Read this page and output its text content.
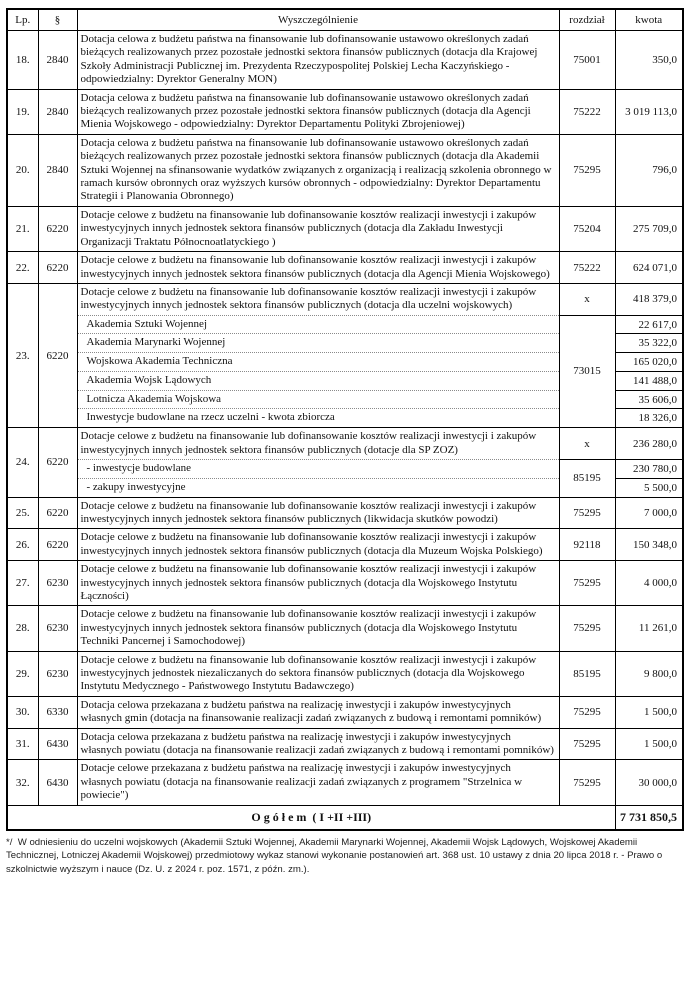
Lp.	§	Wyszczególnienie	rozdział	kwota
18.	2840	Dotacja celowa z budżetu państwa na finansowanie lub dofinansowanie ustawowo określonych zadań bieżących realizowanych przez pozostałe jednostki sektora finansów publicznych (dotacja dla Krajowej Szkoły Administracji Publicznej im. Prezydenta Rzeczypospolitej Polskiej Lecha Kaczyńskiego - odpowiedzialny: Dyrektor Generalny MON)	75001	350,0
19.	2840	Dotacja celowa z budżetu państwa na finansowanie lub dofinansowanie ustawowo określonych zadań bieżących realizowanych przez pozostałe jednostki sektora finansów publicznych (dotacja dla Agencji Mienia Wojskowego - odpowiedzialny: Dyrektor Departamentu Polityki Zbrojeniowej)	75222	3 019 113,0
20.	2840	Dotacja celowa z budżetu państwa na finansowanie lub dofinansowanie ustawowo określonych zadań bieżących realizowanych przez pozostałe jednostki sektora finansów publicznych (dotacja dla Akademii Sztuki Wojennej na sfinansowanie wydatków związanych z organizacją i realizacją szkolenia obronnego w ramach kursów obronnych oraz wyższych kursów obronnych - odpowiedzialny: Dyrektor Departamentu Strategii i Planowania Obronnego)	75295	796,0
21.	6220	Dotacje celowe z budżetu na finansowanie lub dofinansowanie kosztów realizacji inwestycji i zakupów inwestycyjnych innych jednostek sektora finansów publicznych (dotacja dla Zakładu Inwestycji Organizacji Traktatu Północnoatlatyckiego )	75204	275 709,0
22.	6220	Dotacje celowe z budżetu na finansowanie lub dofinansowanie kosztów realizacji inwestycji i zakupów inwestycyjnych innych jednostek sektora finansów publicznych (dotacja dla Agencji Mienia Wojskowego)	75222	624 071,0
23.	6220	Dotacje celowe z budżetu na finansowanie lub dofinansowanie kosztów realizacji inwestycji i zakupów inwestycyjnych innych jednostek sektora finansów publicznych (dotacja dla uczelni wojskowych)	x	418 379,0
		Akademia Sztuki Wojennej	73015	22 617,0
		Akademia Marynarki Wojennej		35 322,0
		Wojskowa Akademia Techniczna		165 020,0
		Akademia Wojsk Lądowych		141 488,0
		Lotnicza Akademia Wojskowa		35 606,0
		Inwestycje budowlane na rzecz uczelni - kwota zbiorcza		18 326,0
24.	6220	Dotacje celowe z budżetu na finansowanie lub dofinansowanie kosztów realizacji inwestycji i zakupów inwestycyjnych innych jednostek sektora finansów publicznych (dotacje dla SP ZOZ)	x	236 280,0
		- inwestycje budowlane	85195	230 780,0
		- zakupy inwestycyjne		5 500,0
25.	6220	Dotacje celowe z budżetu na finansowanie lub dofinansowanie kosztów realizacji inwestycji i zakupów inwestycyjnych innych jednostek sektora finansów publicznych (likwidacja skutków powodzi)	75295	7 000,0
26.	6220	Dotacje celowe z budżetu na finansowanie lub dofinansowanie kosztów realizacji inwestycji i zakupów inwestycyjnych innych jednostek sektora finansów publicznych (dotacja dla Muzeum Wojska Polskiego)	92118	150 348,0
27.	6230	Dotacje celowe z budżetu na finansowanie lub dofinansowanie kosztów realizacji inwestycji i zakupów inwestycyjnych innych jednostek sektora finansów publicznych (dotacja dla Wojskowego Instytutu Łączności)	75295	4 000,0
28.	6230	Dotacje celowe z budżetu na finansowanie lub dofinansowanie kosztów realizacji inwestycji i zakupów inwestycyjnych innych jednostek sektora finansów publicznych (dotacja dla Wojskowego Instytutu Techniki Pancernej i Samochodowej)	75295	11 261,0
29.	6230	Dotacje celowe z budżetu na finansowanie lub dofinansowanie kosztów realizacji inwestycji i zakupów inwestycyjnych jednostek niezaliczanych do sektora finansów publicznych (dotacja dla Wojskowego Instytutu Medycznego - Państwowego Instytutu Badawczego)	85195	9 800,0
30.	6330	Dotacja celowa przekazana z budżetu państwa na realizację inwestycji i zakupów inwestycyjnych własnych gmin (dotacja na finansowanie realizacji zadań związanych z budową i remontami pomników)	75295	1 500,0
31.	6430	Dotacja celowa przekazana z budżetu państwa na realizację inwestycji i zakupów inwestycyjnych własnych powiatu (dotacja na finansowanie realizacji zadań związanych z budową i remontami pomników)	75295	1 500,0
32.	6430	Dotacje celowe przekazana z budżetu państwa na realizację inwestycji i zakupów inwestycyjnych własnych powiatu (dotacja na finansowanie realizacji zadań związanych z programem "Strzelnica w powiecie")	75295	30 000,0
O g ó ł e m  ( I +II +III)				7 731 850,5
*/  W odniesieniu do uczelni wojskowych (Akademii Sztuki Wojennej, Akademii Marynarki Wojennej, Akademii Wojsk Lądowych, Wojskowej Akademii Technicznej, Lotniczej Akademii Wojskowej) przedmiotowy wykaz stanowi wykonanie postanowień art. 368 ust. 10 ustawy z dnia 20 lipca 2018 r. - Prawo o szkolnictwie wyższym i nauce (Dz. U. z 2024 r. poz. 1571, z późn. zm.).
